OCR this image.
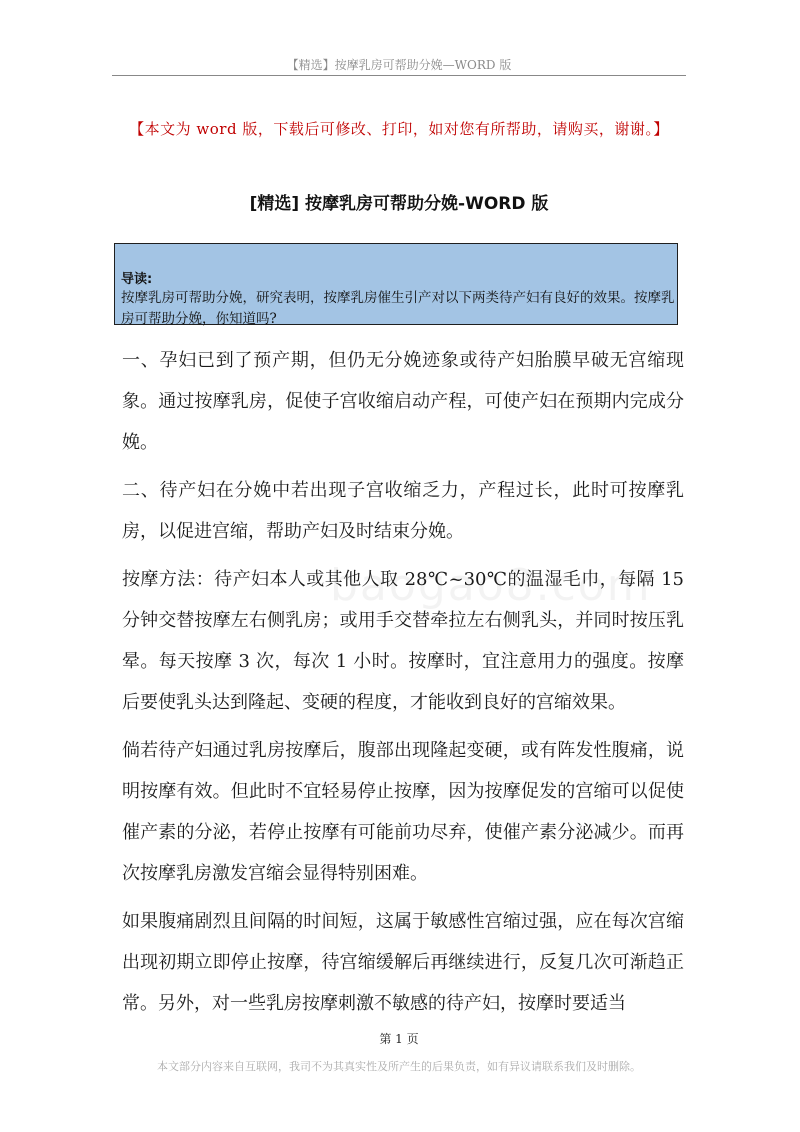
【精选】按摩乳房可帮助分娩—WORD 版
【本文为 word 版，下载后可修改、打印，如对您有所帮助，请购买，谢谢。】
[精选] 按摩乳房可帮助分娩-WORD 版
导读:
按摩乳房可帮助分娩，研究表明，按摩乳房催生引产对以下两类待产妇有良好的效果。按摩乳房可帮助分娩，你知道吗?

一、孕妇已到了预产期，但仍无分娩迹象或待产妇胎膜早破无宫缩现象。通过按摩乳房，促使子宫收缩启动产程，可使产妇在预期内完成分娩。

二、待产妇在分娩中若出现子宫收缩乏力，产程过长，此时可按摩乳房，以促进宫缩，帮助产妇及时结束分娩。

按摩方法：待产妇本人或其他人取 28℃~30℃的温湿毛巾，每隔 15 分钟交替按摩左右侧乳房；或用手交替牵拉左右侧乳头，并同时按压乳晕。每天按摩 3 次，每次 1 小时。按摩时，宜注意用力的强度。按摩后要使乳头达到隆起、变硬的程度，才能收到良好的宫缩效果。

倘若待产妇通过乳房按摩后，腹部出现隆起变硬，或有阵发性腹痛，说明按摩有效。但此时不宜轻易停止按摩，因为按摩促发的宫缩可以促使催产素的分泌，若停止按摩有可能前功尽弃，使催产素分泌减少。而再次按摩乳房激发宫缩会显得特别困难。

如果腹痛剧烈且间隔的时间短，这属于敏感性宫缩过强，应在每次宫缩出现初期立即停止按摩，待宫缩缓解后再继续进行，反复几次可渐趋正常。另外，对一些乳房按摩刺激不敏感的待产妇，按摩时要适当

第 1 页
本文部分内容来自互联网，我司不为其真实性及所产生的后果负责，如有异议请联系我们及时删除。
